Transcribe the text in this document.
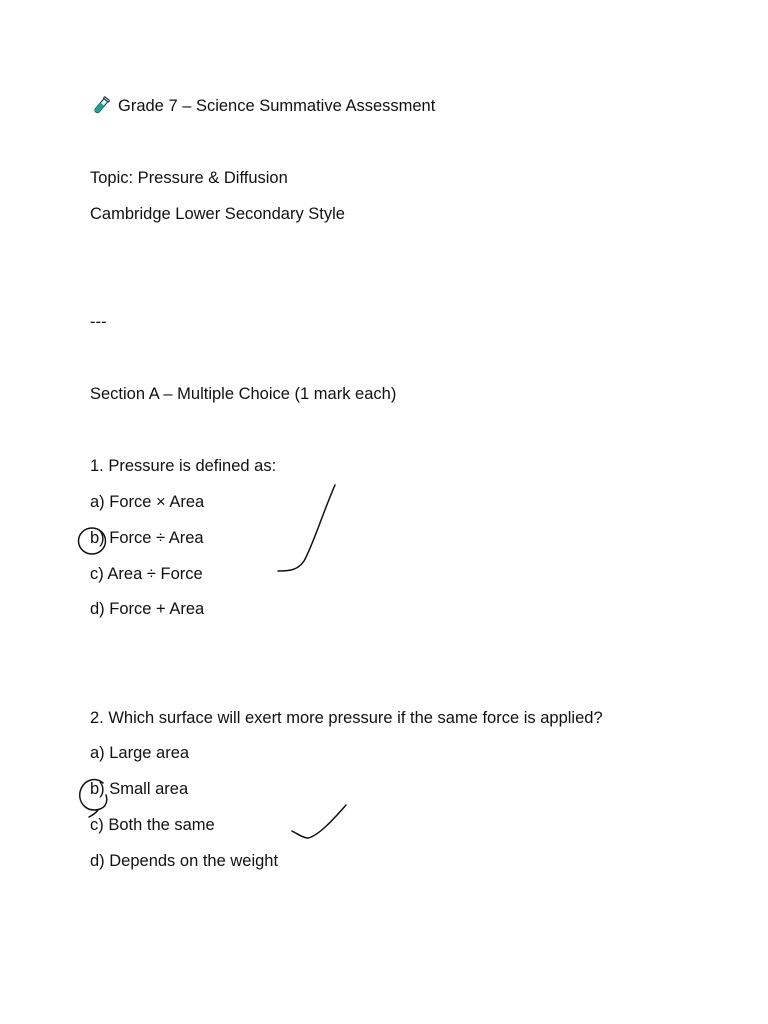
Grade 7 – Science Summative Assessment
Topic: Pressure & Diffusion
Cambridge Lower Secondary Style
---
Section A – Multiple Choice (1 mark each)
1. Pressure is defined as:
a) Force × Area
b) Force ÷ Area
c) Area ÷ Force
d) Force + Area
2. Which surface will exert more pressure if the same force is applied?
a) Large area
b) Small area
c) Both the same
d) Depends on the weight
